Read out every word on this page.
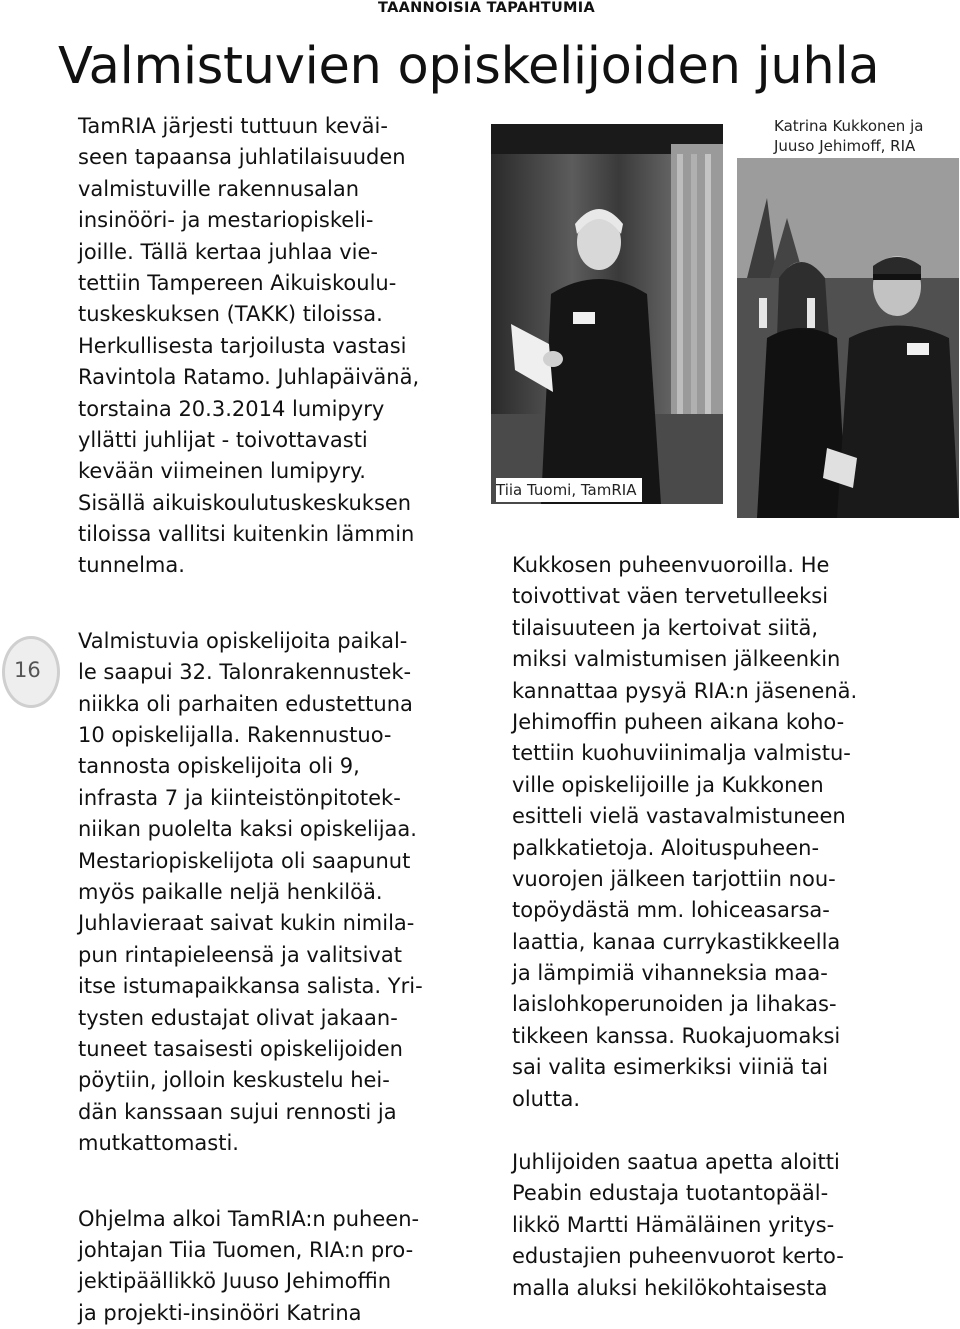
TAANNOISIA TAPAHTUMIA
Valmistuvien opiskelijoiden juhla
16
TamRIA järjesti tuttuun keväi-
seen tapaansa juhlatilaisuuden
valmistuville rakennusalan
insinööri- ja mestariopiskeli-
joille. Tällä kertaa juhlaa vie-
tettiin Tampereen Aikuiskoulu-
tuskeskuksen (TAKK) tiloissa.
Herkullisesta tarjoilusta vastasi
Ravintola Ratamo. Juhlapäivänä,
torstaina 20.3.2014 lumipyry
yllätti juhlijat - toivottavasti
kevään viimeinen lumipyry.
Sisällä aikuiskoulutuskeskuksen
tiloissa vallitsi kuitenkin lämmin
tunnelma.
Valmistuvia opiskelijoita paikal-
le saapui 32. Talonrakennustek-
niikka oli parhaiten edustettuna
10 opiskelijalla. Rakennustuo-
tannosta opiskelijoita oli 9,
infrasta 7 ja kiinteistönpitotek-
niikan puolelta kaksi opiskelijaa.
Mestariopiskelijota oli saapunut
myös paikalle neljä henkilöä.
Juhlavieraat saivat kukin nimila-
pun rintapieleensä ja valitsivat
itse istumapaikkansa salista. Yri-
tysten edustajat olivat jakaan-
tuneet tasaisesti opiskelijoiden
pöytiin, jolloin keskustelu hei-
dän kanssaan sujui rennosti ja
mutkattomasti.
Ohjelma alkoi TamRIA:n puheen-
johtajan Tiia Tuomen, RIA:n pro-
jektipäällikkö Juuso Jehimoffin
ja projekti-insinööri Katrina
Kukkosen puheenvuoroilla. He
toivottivat väen tervetulleeksi
tilaisuuteen ja kertoivat siitä,
miksi valmistumisen jälkeenkin
kannattaa pysyä RIA:n jäsenenä.
Jehimoffin puheen aikana koho-
tettiin kuohuviinimalja valmistu-
ville opiskelijoille ja Kukkonen
esitteli vielä vastavalmistuneen
palkkatietoja. Aloituspuheen-
vuorojen jälkeen tarjottiin nou-
topöydästä mm. lohiceasarsa-
laattia, kanaa currykastikkeella
ja lämpimiä vihanneksia maa-
laislohkoperunoiden ja lihakas-
tikkeen kanssa. Ruokajuomaksi
sai valita esimerkiksi viiniä tai
olutta.
Juhlijoiden saatua apetta aloitti
Peabin edustaja tuotantopääl-
likkö Martti Hämäläinen yritys-
edustajien puheenvuorot kerto-
malla aluksi hekilökohtaisesta
Tiia Tuomi, TamRIA
Katrina Kukkonen ja
Juuso Jehimoff, RIA
